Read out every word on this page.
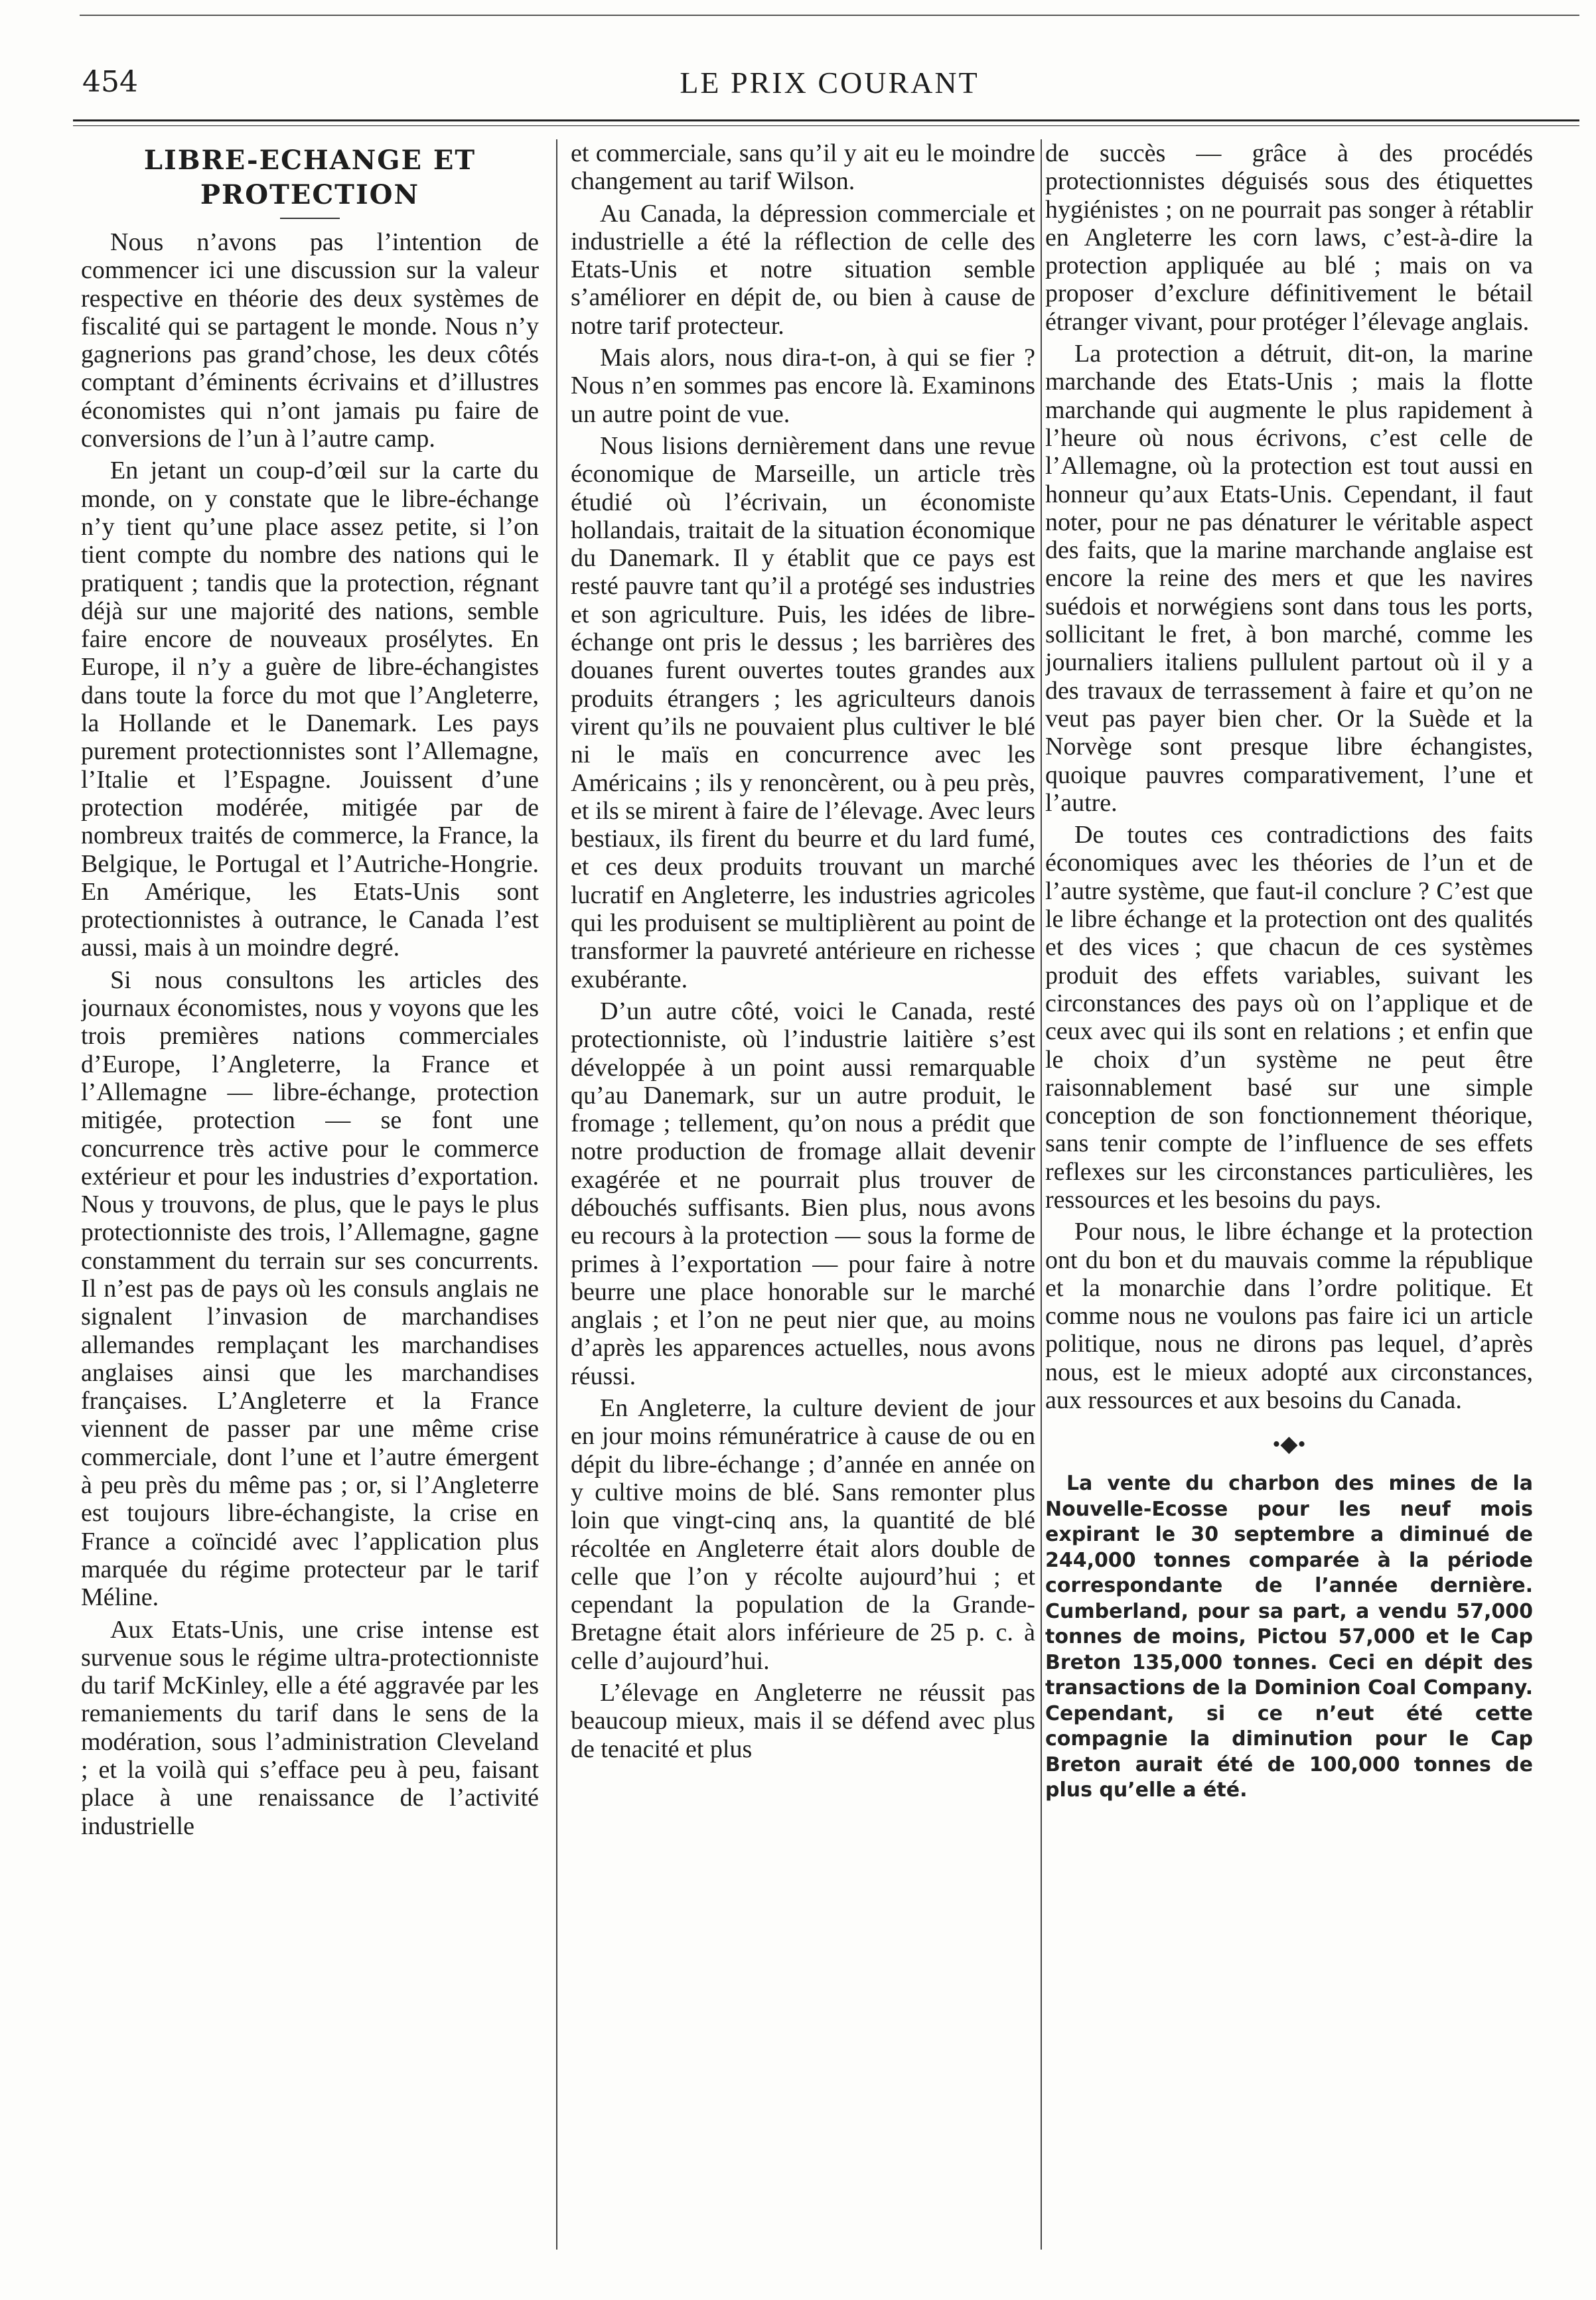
454	LE PRIX COURANT
LIBRE-ECHANGE ET PROTECTION

Nous n’avons pas l’intention de commencer ici une discussion sur la valeur respective en théorie des deux systèmes de fiscalité qui se partagent le monde. Nous n’y gagnerions pas grand’chose, les deux côtés comptant d’éminents écrivains et d’illustres économistes qui n’ont jamais pu faire de conversions de l’un à l’autre camp.

En jetant un coup-d’œil sur la carte du monde, on y constate que le libre-échange n’y tient qu’une place assez petite, si l’on tient compte du nombre des nations qui le pratiquent ; tandis que la protection, régnant déjà sur une majorité des nations, semble faire encore de nouveaux prosélytes. En Europe, il n’y a guère de libre-échangistes dans toute la force du mot que l’Angleterre, la Hollande et le Danemark. Les pays purement protectionnistes sont l’Allemagne, l’Italie et l’Espagne. Jouissent d’une protection modérée, mitigée par de nombreux traités de commerce, la France, la Belgique, le Portugal et l’Autriche-Hongrie. En Amérique, les Etats-Unis sont protectionnistes à outrance, le Canada l’est aussi, mais à un moindre degré.

Si nous consultons les articles des journaux économistes, nous y voyons que les trois premières nations commerciales d’Europe, l’Angleterre, la France et l’Allemagne — libre-échange, protection mitigée, protection — se font une concurrence très active pour le commerce extérieur et pour les industries d’exportation. Nous y trouvons, de plus, que le pays le plus protectionniste des trois, l’Allemagne, gagne constamment du terrain sur ses concurrents. Il n’est pas de pays où les consuls anglais ne signalent l’invasion de marchandises allemandes remplaçant les marchandises anglaises ainsi que les marchandises françaises. L’Angleterre et la France viennent de passer par une même crise commerciale, dont l’une et l’autre émergent à peu près du même pas ; or, si l’Angleterre est toujours libre-échangiste, la crise en France a coïncidé avec l’application plus marquée du régime protecteur par le tarif Méline.

Aux Etats-Unis, une crise intense est survenue sous le régime ultra-protectionniste du tarif McKinley, elle a été aggravée par les remaniements du tarif dans le sens de la modération, sous l’administration Cleveland ; et la voilà qui s’efface peu à peu, faisant place à une renaissance de l’activité industrielle

et commerciale, sans qu’il y ait eu le moindre changement au tarif Wilson.

Au Canada, la dépression commerciale et industrielle a été la réflection de celle des Etats-Unis et notre situation semble s’améliorer en dépit de, ou bien à cause de notre tarif protecteur.

Mais alors, nous dira-t-on, à qui se fier ? Nous n’en sommes pas encore là. Examinons un autre point de vue.

Nous lisions dernièrement dans une revue économique de Marseille, un article très étudié où l’écrivain, un économiste hollandais, traitait de la situation économique du Danemark. Il y établit que ce pays est resté pauvre tant qu’il a protégé ses industries et son agriculture. Puis, les idées de libre-échange ont pris le dessus ; les barrières des douanes furent ouvertes toutes grandes aux produits étrangers ; les agriculteurs danois virent qu’ils ne pouvaient plus cultiver le blé ni le maïs en concurrence avec les Américains ; ils y renoncèrent, ou à peu près, et ils se mirent à faire de l’élevage. Avec leurs bestiaux, ils firent du beurre et du lard fumé, et ces deux produits trouvant un marché lucratif en Angleterre, les industries agricoles qui les produisent se multiplièrent au point de transformer la pauvreté antérieure en richesse exubérante.

D’un autre côté, voici le Canada, resté protectionniste, où l’industrie laitière s’est développée à un point aussi remarquable qu’au Danemark, sur un autre produit, le fromage ; tellement, qu’on nous a prédit que notre production de fromage allait devenir exagérée et ne pourrait plus trouver de débouchés suffisants. Bien plus, nous avons eu recours à la protection — sous la forme de primes à l’exportation — pour faire à notre beurre une place honorable sur le marché anglais ; et l’on ne peut nier que, au moins d’après les apparences actuelles, nous avons réussi.

En Angleterre, la culture devient de jour en jour moins rémunératrice à cause de ou en dépit du libre-échange ; d’année en année on y cultive moins de blé. Sans remonter plus loin que vingt-cinq ans, la quantité de blé récoltée en Angleterre était alors double de celle que l’on y récolte aujourd’hui ; et cependant la population de la Grande-Bretagne était alors inférieure de 25 p. c. à celle d’aujourd’hui.

L’élevage en Angleterre ne réussit pas beaucoup mieux, mais il se défend avec plus de tenacité et plus

de succès — grâce à des procédés protectionnistes déguisés sous des étiquettes hygiénistes ; on ne pourrait pas songer à rétablir en Angleterre les corn laws, c’est-à-dire la protection appliquée au blé ; mais on va proposer d’exclure définitivement le bétail étranger vivant, pour protéger l’élevage anglais.

La protection a détruit, dit-on, la marine marchande des Etats-Unis ; mais la flotte marchande qui augmente le plus rapidement à l’heure où nous écrivons, c’est celle de l’Allemagne, où la protection est tout aussi en honneur qu’aux Etats-Unis. Cependant, il faut noter, pour ne pas dénaturer le véritable aspect des faits, que la marine marchande anglaise est encore la reine des mers et que les navires suédois et norwégiens sont dans tous les ports, sollicitant le fret, à bon marché, comme les journaliers italiens pullulent partout où il y a des travaux de terrassement à faire et qu’on ne veut pas payer bien cher. Or la Suède et la Norvège sont presque libre échangistes, quoique pauvres comparativement, l’une et l’autre.

De toutes ces contradictions des faits économiques avec les théories de l’un et de l’autre système, que faut-il conclure ? C’est que le libre échange et la protection ont des qualités et des vices ; que chacun de ces systèmes produit des effets variables, suivant les circonstances des pays où on l’applique et de ceux avec qui ils sont en relations ; et enfin que le choix d’un système ne peut être raisonnablement basé sur une simple conception de son fonctionnement théorique, sans tenir compte de l’influence de ses effets reflexes sur les circonstances particulières, les ressources et les besoins du pays.

Pour nous, le libre échange et la protection ont du bon et du mauvais comme la république et la monarchie dans l’ordre politique. Et comme nous ne voulons pas faire ici un article politique, nous ne dirons pas lequel, d’après nous, est le mieux adopté aux circonstances, aux ressources et aux besoins du Canada.

•◆•

La vente du charbon des mines de la Nouvelle-Ecosse pour les neuf mois expirant le 30 septembre a diminué de 244,000 tonnes comparée à la période correspondante de l’année dernière. Cumberland, pour sa part, a vendu 57,000 tonnes de moins, Pictou 57,000 et le Cap Breton 135,000 tonnes. Ceci en dépit des transactions de la Dominion Coal Company. Cependant, si ce n’eut été cette compagnie la diminution pour le Cap Breton aurait été de 100,000 tonnes de plus qu’elle a été.
